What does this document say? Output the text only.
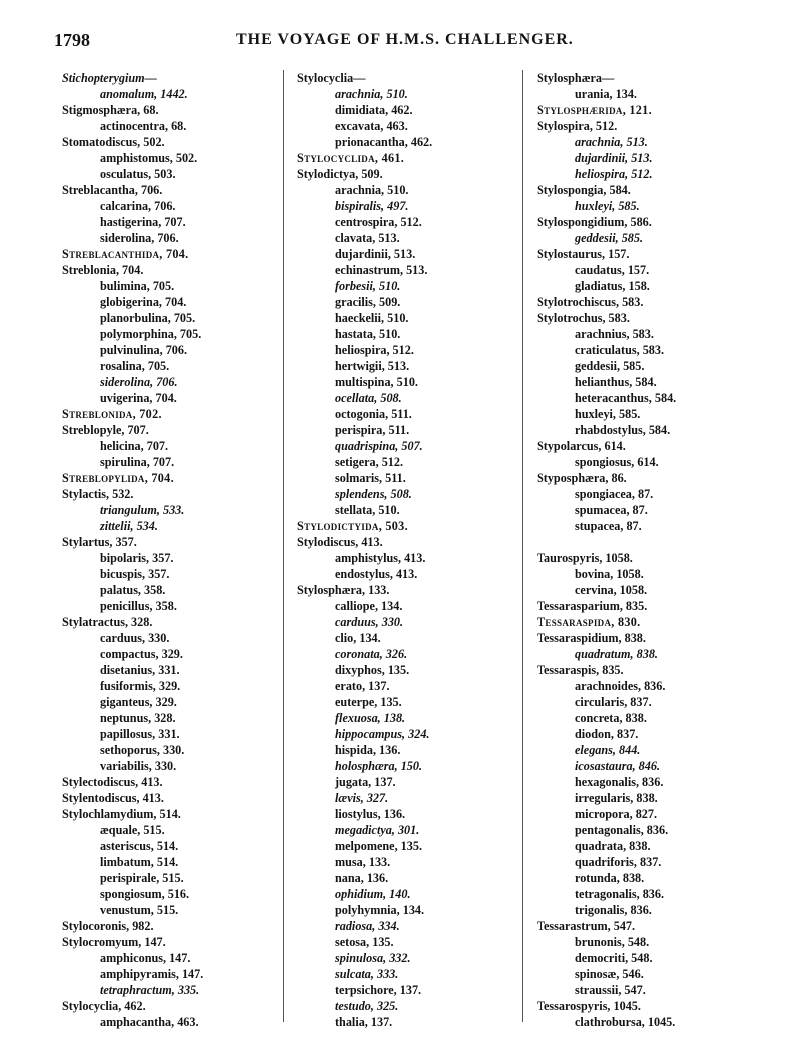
1798	THE VOYAGE OF H.M.S. CHALLENGER.
Stichopterygium—
anomalum, 1442.
Stigmosphæra, 68.
actinocentra, 68.
Stomatodiscus, 502.
amphistomus, 502.
osculatus, 503.
Streblacantha, 706.
calcarina, 706.
hastigerina, 707.
siderolina, 706.
Streblacanthida, 704.
Streblonia, 704.
bulimina, 705.
globigerina, 704.
planorbulina, 705.
polymorphina, 705.
pulvinulina, 706.
rosalina, 705.
siderolina, 706.
uvigerina, 704.
Streblonida, 702.
Streblopyle, 707.
helicina, 707.
spirulina, 707.
Streblopylida, 704.
Stylactis, 532.
triangulum, 533.
zittelii, 534.
Stylartus, 357.
bipolaris, 357.
bicuspis, 357.
palatus, 358.
penicillus, 358.
Stylatractus, 328.
carduus, 330.
compactus, 329.
disetanius, 331.
fusiformis, 329.
giganteus, 329.
neptunus, 328.
papillosus, 331.
sethoporus, 330.
variabilis, 330.
Stylectodiscus, 413.
Stylentodiscus, 413.
Stylochlamydium, 514.
æquale, 515.
asteriscus, 514.
limbatum, 514.
perispirale, 515.
spongiosum, 516.
venustum, 515.
Stylocoronis, 982.
Stylocromyum, 147.
amphiconus, 147.
amphipyramis, 147.
tetraphractum, 335.
Stylocyclia, 462.
amphacantha, 463.
Stylocyclia—
arachnia, 510.
dimidiata, 462.
excavata, 463.
prionacantha, 462.
Stylocyclida, 461.
Stylodictya, 509.
arachnia, 510.
bispiralis, 497.
centrospira, 512.
clavata, 513.
dujardinii, 513.
echinastrum, 513.
forbesii, 510.
gracilis, 509.
haeckelii, 510.
hastata, 510.
heliospira, 512.
hertwigii, 513.
multispina, 510.
ocellata, 508.
octogonia, 511.
perispira, 511.
quadrispina, 507.
setigera, 512.
solmaris, 511.
splendens, 508.
stellata, 510.
Stylodictyida, 503.
Stylodiscus, 413.
amphistylus, 413.
endostylus, 413.
Stylosphæra, 133.
calliope, 134.
carduus, 330.
clio, 134.
coronata, 326.
dixyphos, 135.
erato, 137.
euterpe, 135.
flexuosa, 138.
hippocampus, 324.
hispida, 136.
holosphæra, 150.
jugata, 137.
lævis, 327.
liostylus, 136.
megadictya, 301.
melpomene, 135.
musa, 133.
nana, 136.
ophidium, 140.
polyhymnia, 134.
radiosa, 334.
setosa, 135.
spinulosa, 332.
sulcata, 333.
terpsichore, 137.
testudo, 325.
thalia, 137.
Stylosphæra—
urania, 134.
Stylosphærida, 121.
Stylospira, 512.
arachnia, 513.
dujardinii, 513.
heliospira, 512.
Stylospongia, 584.
huxleyi, 585.
Stylospongidium, 586.
geddesii, 585.
Stylostaurus, 157.
caudatus, 157.
gladiatus, 158.
Stylotrochiscus, 583.
Stylotrochus, 583.
arachnius, 583.
craticulatus, 583.
geddesii, 585.
helianthus, 584.
heteracanthus, 584.
huxleyi, 585.
rhabdostylus, 584.
Stypolarcus, 614.
spongiosus, 614.
Styposphæra, 86.
spongiacea, 87.
spumacea, 87.
stupacea, 87.
Taurospyris, 1058.
bovina, 1058.
cervina, 1058.
Tessarasparium, 835.
Tessaraspida, 830.
Tessaraspidium, 838.
quadratum, 838.
Tessaraspis, 835.
arachnoides, 836.
circularis, 837.
concreta, 838.
diodon, 837.
elegans, 844.
icosastaura, 846.
hexagonalis, 836.
irregularis, 838.
micropora, 827.
pentagonalis, 836.
quadrata, 838.
quadriforis, 837.
rotunda, 838.
tetragonalis, 836.
trigonalis, 836.
Tessarastrum, 547.
brunonis, 548.
democriti, 548.
spinosæ, 546.
straussii, 547.
Tessarospyris, 1045.
clathrobursa, 1045.
